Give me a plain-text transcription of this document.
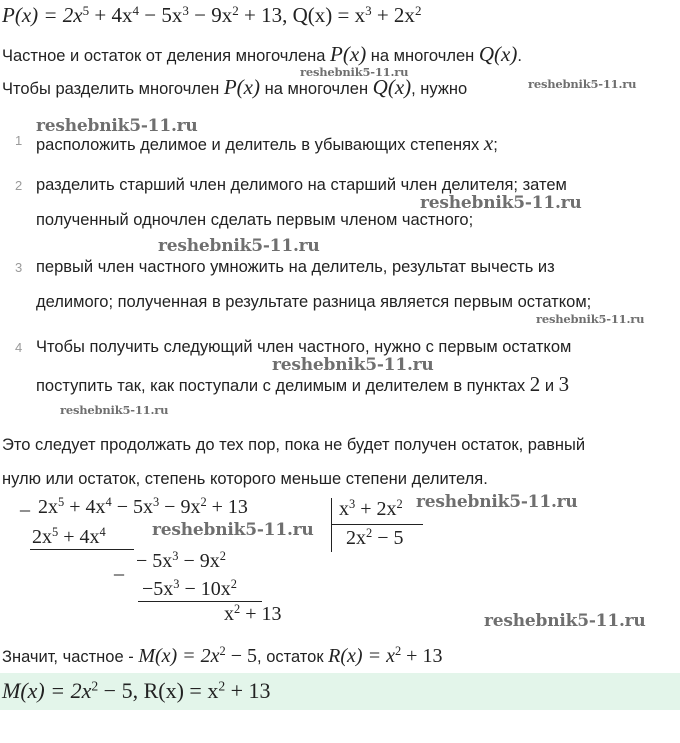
$P(x) = 2x^5 + 4x^4 - 5x^3 - 9x^2 + 13$, $Q(x) = x^3 + 2x^2$
Частное и остаток от деления многочлена P(x) на многочлен Q(x).
Чтобы разделить многочлен P(x) на многочлен Q(x), нужно
1 расположить делимое и делитель в убывающих степенях x;
2 разделить старший член делимого на старший член делителя; затем
полученный одночлен сделать первым членом частного;
3 первый член частного умножить на делитель, результат вычесть из
делимого; полученная в результате разница является первым остатком;
4 Чтобы получить следующий член частного, нужно с первым остатком
поступить так, как поступали с делимым и делителем в пунктах 2 и 3
Это следует продолжать до тех пор, пока не будет получен остаток, равный
нулю или остаток, степень которого меньше степени делителя.
_ $2x^5 + 4x^4 - 5x^3 - 9x^2 + 13$
$2x^5 + 4x^4$
_ − $5x^3 - 9x^2$
$-5x^3 - 10x^2$
$x^2 + 13$
$x^3 + 2x^2$
$2x^2 - 5$
Значит, частное - $M(x) = 2x^2 - 5$, остаток $R(x) = x^2 + 13$
$M(x) = 2x^2 - 5$, $R(x) = x^2 + 13$
reshebnik5-11.ru
reshebnik5-11.ru
reshebnik5-11.ru
reshebnik5-11.ru
reshebnik5-11.ru
reshebnik5-11.ru
reshebnik5-11.ru
reshebnik5-11.ru
reshebnik5-11.ru
reshebnik5-11.ru
reshebnik5-11.ru
